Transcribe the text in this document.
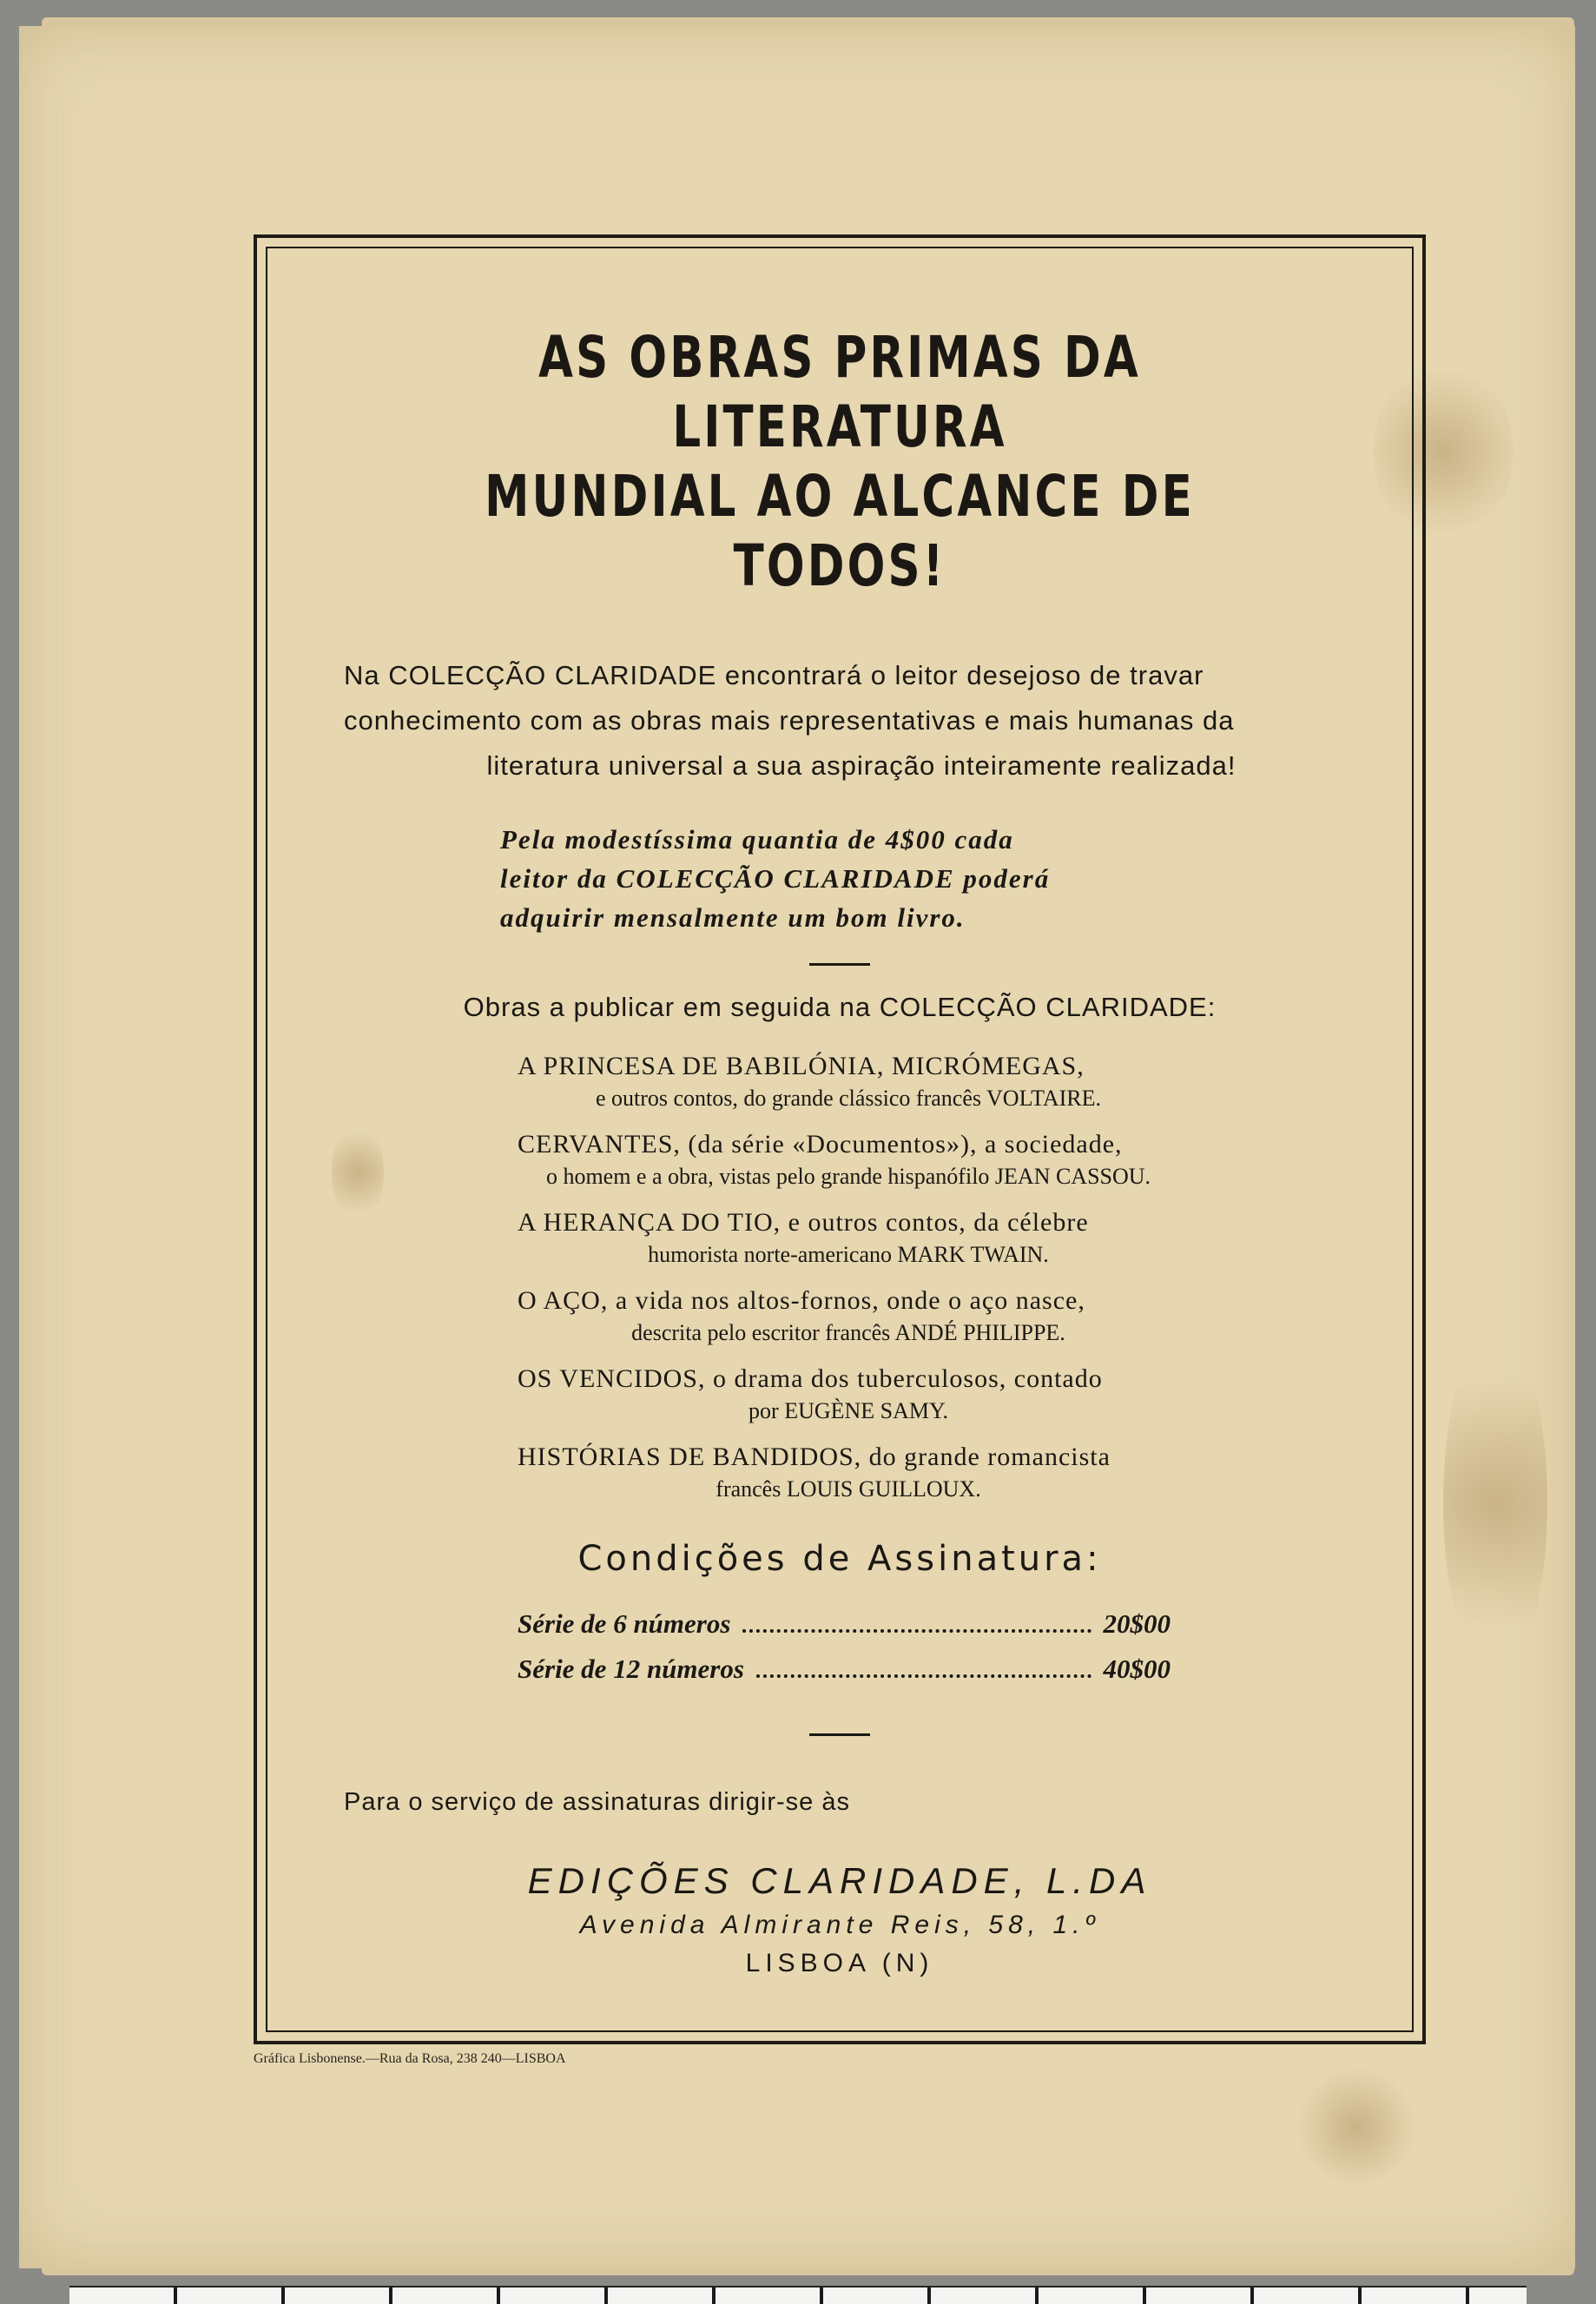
AS OBRAS PRIMAS DA LITERATURA
MUNDIAL AO ALCANCE DE TODOS!
Na COLECÇÃO CLARIDADE encontrará o leitor desejoso de travar
conhecimento com as obras mais representativas e mais humanas da
literatura universal a sua aspiração inteiramente realizada!
Pela modestíssima quantia de 4$00 cada
leitor da COLECÇÃO CLARIDADE poderá
adquirir mensalmente um bom livro.
Obras a publicar em seguida na COLECÇÃO CLARIDADE:
A PRINCESA DE BABILÓNIA, MICRÓMEGAS,
e outros contos, do grande clássico francês VOLTAIRE.
CERVANTES, (da série «Documentos»), a sociedade,
o homem e a obra, vistas pelo grande hispanófilo JEAN CASSOU.
A HERANÇA DO TIO, e outros contos, da célebre
humorista norte-americano MARK TWAIN.
O AÇO, a vida nos altos-fornos, onde o aço nasce,
descrita pelo escritor francês ANDÉ PHILIPPE.
OS VENCIDOS, o drama dos tuberculosos, contado
por EUGÈNE SAMY.
HISTÓRIAS DE BANDIDOS, do grande romancista
francês LOUIS GUILLOUX.
Condições de Assinatura:
Série de 6 números	20$00
Série de 12 números	40$00
Para o serviço de assinaturas dirigir-se às
EDIÇÕES CLARIDADE, L.DA
Avenida Almirante Reis, 58, 1.º
LISBOA (N)
Gráfica Lisbonense.—Rua da Rosa, 238 240—LISBOA
